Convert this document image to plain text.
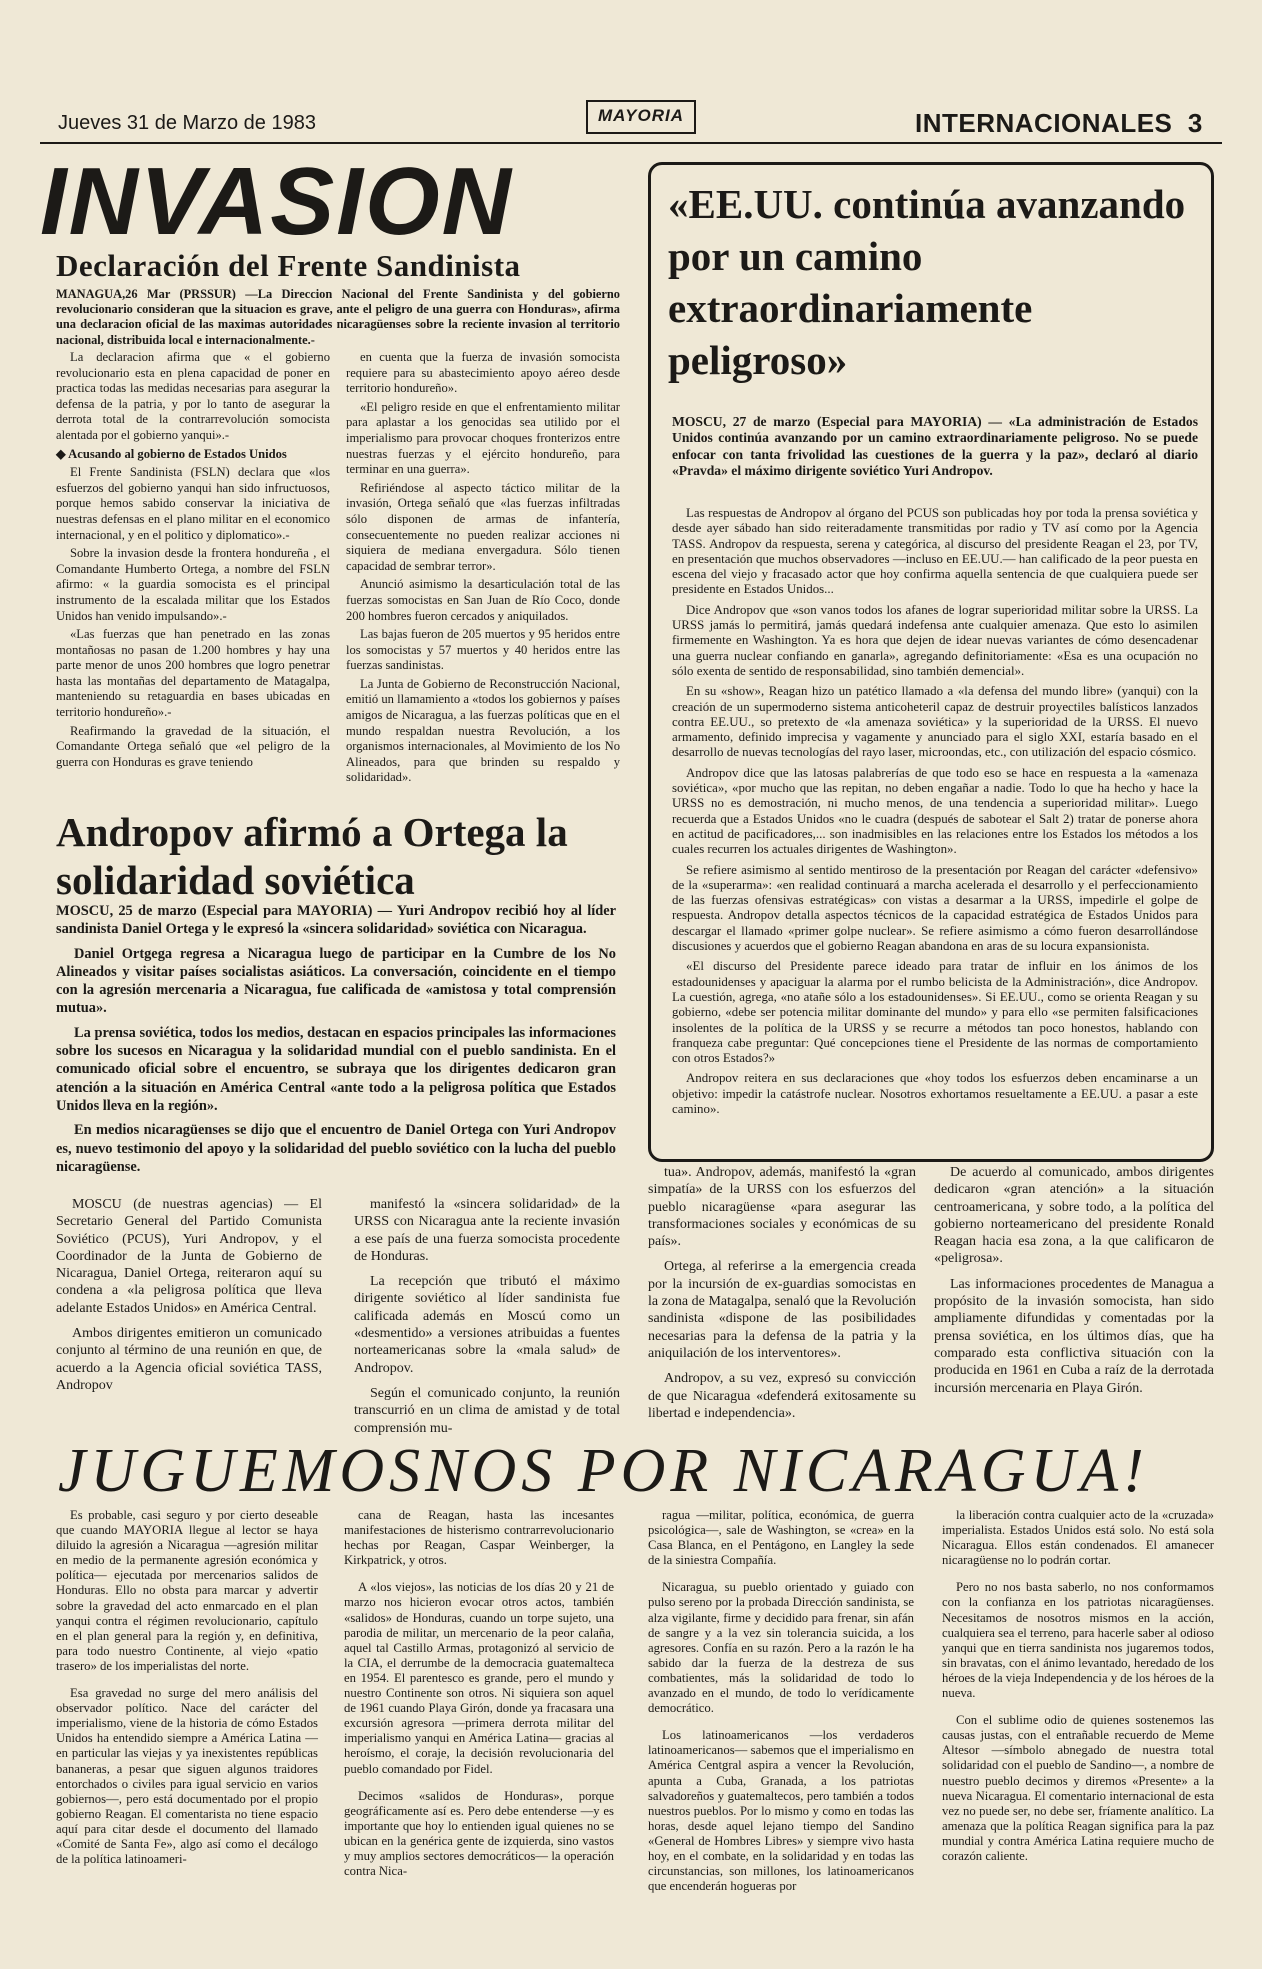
Jueves 31 de Marzo de 1983	MAYORIA	INTERNACIONALES 3
INVASION
Declaración del Frente Sandinista
MANAGUA,26 Mar (PRSSUR) —La Direccion Nacional del Frente Sandinista y del gobierno revolucionario consideran que la situacion es grave, ante el peligro de una guerra con Honduras», afirma una declaracion oficial de las maximas autoridades nicaragüenses sobre la reciente invasion al territorio nacional, distribuida local e internacionalmente.-

La declaracion afirma que « el gobierno revolucionario esta en plena capacidad de poner en practica todas las medidas necesarias para asegurar la defensa de la patria, y por lo tanto de asegurar la derrota total de la contrarrevolución somocista alentada por el gobierno yanqui».-

◆ Acusando al gobierno de Estados Unidos

El Frente Sandinista (FSLN) declara que «los esfuerzos del gobierno yanqui han sido infructuosos, porque hemos sabido conservar la iniciativa de nuestras defensas en el plano militar en el economico internacional, y en el politico y diplomatico».-

Sobre la invasion desde la frontera hondureña , el Comandante Humberto Ortega, a nombre del FSLN afirmo: « la guardia somocista es el principal instrumento de la escalada militar que los Estados Unidos han venido impulsando».-

«Las fuerzas que han penetrado en las zonas montañosas no pasan de 1.200 hombres y hay una parte menor de unos 200 hombres que logro penetrar hasta las montañas del departamento de Matagalpa, manteniendo su retaguardia en bases ubicadas en territorio hondureño».-

Reafirmando la gravedad de la situación, el Comandante Ortega señaló que «el peligro de la guerra con Honduras es grave teniendo

en cuenta que la fuerza de invasión somocista requiere para su abastecimiento apoyo aéreo desde territorio hondureño».

«El peligro reside en que el enfrentamiento militar para aplastar a los genocidas sea utilido por el imperialismo para provocar choques fronterizos entre nuestras fuerzas y el ejército hondureño, para terminar en una guerra».

Refiriéndose al aspecto táctico militar de la invasión, Ortega señaló que «las fuerzas infiltradas sólo disponen de armas de infantería, consecuentemente no pueden realizar acciones ni siquiera de mediana envergadura. Sólo tienen capacidad de sembrar terror».

Anunció asimismo la desarticulación total de las fuerzas somocistas en San Juan de Río Coco, donde 200 hombres fueron cercados y aniquilados.

Las bajas fueron de 205 muertos y 95 heridos entre los somocistas y 57 muertos y 40 heridos entre las fuerzas sandinistas.

La Junta de Gobierno de Reconstrucción Nacional, emitió un llamamiento a «todos los gobiernos y países amigos de Nicaragua, a las fuerzas políticas que en el mundo respaldan nuestra Revolución, a los organismos internacionales, al Movimiento de los No Alineados, para que brinden su respaldo y solidaridad».

«EE.UU. continúa avanzando por un camino extraordinariamente peligroso»
MOSCU, 27 de marzo (Especial para MAYORIA) — «La administración de Estados Unidos continúa avanzando por un camino extraordinariamente peligroso. No se puede enfocar con tanta frivolidad las cuestiones de la guerra y la paz», declaró al diario «Pravda» el máximo dirigente soviético Yuri Andropov.

Las respuestas de Andropov al órgano del PCUS son publicadas hoy por toda la prensa soviética y desde ayer sábado han sido reiteradamente transmitidas por radio y TV así como por la Agencia TASS. Andropov da respuesta, serena y categórica, al discurso del presidente Reagan el 23, por TV, en presentación que muchos observadores —incluso en EE.UU.— han calificado de la peor puesta en escena del viejo y fracasado actor que hoy confirma aquella sentencia de que cualquiera puede ser presidente en Estados Unidos...

Dice Andropov que «son vanos todos los afanes de lograr superioridad militar sobre la URSS. La URSS jamás lo permitirá, jamás quedará indefensa ante cualquier amenaza. Que esto lo asimilen firmemente en Washington. Ya es hora que dejen de idear nuevas variantes de cómo desencadenar una guerra nuclear confiando en ganarla», agregando definitoriamente: «Esa es una ocupación no sólo exenta de sentido de responsabilidad, sino también demencial».

En su «show», Reagan hizo un patético llamado a «la defensa del mundo libre» (yanqui) con la creación de un supermoderno sistema anticoheteril capaz de destruir proyectiles balísticos lanzados contra EE.UU., so pretexto de «la amenaza soviética» y la superioridad de la URSS. El nuevo armamento, definido imprecisa y vagamente y anunciado para el siglo XXI, estaría basado en el desarrollo de nuevas tecnologías del rayo laser, microondas, etc., con utilización del espacio cósmico.

Andropov dice que las latosas palabrerías de que todo eso se hace en respuesta a la «amenaza soviética», «por mucho que las repitan, no deben engañar a nadie. Todo lo que ha hecho y hace la URSS no es demostración, ni mucho menos, de una tendencia a superioridad militar». Luego recuerda que a Estados Unidos «no le cuadra (después de sabotear el Salt 2) tratar de ponerse ahora en actitud de pacificadores,... son inadmisibles en las relaciones entre los Estados los métodos a los cuales recurren los actuales dirigentes de Washington».

Se refiere asimismo al sentido mentiroso de la presentación por Reagan del carácter «defensivo» de la «superarma»: «en realidad continuará a marcha acelerada el desarrollo y el perfeccionamiento de las fuerzas ofensivas estratégicas» con vistas a desarmar a la URSS, impedirle el golpe de respuesta. Andropov detalla aspectos técnicos de la capacidad estratégica de Estados Unidos para descargar el llamado «primer golpe nuclear». Se refiere asimismo a cómo fueron desarrollándose discusiones y acuerdos que el gobierno Reagan abandona en aras de su locura expansionista.

«El discurso del Presidente parece ideado para tratar de influir en los ánimos de los estadounidenses y apaciguar la alarma por el rumbo belicista de la Administración», dice Andropov. La cuestión, agrega, «no atañe sólo a los estadounidenses». Si EE.UU., como se orienta Reagan y su gobierno, «debe ser potencia militar dominante del mundo» y para ello «se permiten falsificaciones insolentes de la política de la URSS y se recurre a métodos tan poco honestos, hablando con franqueza cabe preguntar: Qué concepciones tiene el Presidente de las normas de comportamiento con otros Estados?»

Andropov reitera en sus declaraciones que «hoy todos los esfuerzos deben encaminarse a un objetivo: impedir la catástrofe nuclear. Nosotros exhortamos resueltamente a EE.UU. a pasar a este camino».

Andropov afirmó a Ortega la solidaridad soviética

MOSCU, 25 de marzo (Especial para MAYORIA) — Yuri Andropov recibió hoy al líder sandinista Daniel Ortega y le expresó la «sincera solidaridad» soviética con Nicaragua.

Daniel Ortgega regresa a Nicaragua luego de participar en la Cumbre de los No Alineados y visitar países socialistas asiáticos. La conversación, coincidente en el tiempo con la agresión mercenaria a Nicaragua, fue calificada de «amistosa y total comprensión mutua».

La prensa soviética, todos los medios, destacan en espacios principales las informaciones sobre los sucesos en Nicaragua y la solidaridad mundial con el pueblo sandinista. En el comunicado oficial sobre el encuentro, se subraya que los dirigentes dedicaron gran atención a la situación en América Central «ante todo a la peligrosa política que Estados Unidos lleva en la región».

En medios nicaragüenses se dijo que el encuentro de Daniel Ortega con Yuri Andropov es, nuevo testimonio del apoyo y la solidaridad del pueblo soviético con la lucha del pueblo nicaragüense.

MOSCU (de nuestras agencias) — El Secretario General del Partido Comunista Soviético (PCUS), Yuri Andropov, y el Coordinador de la Junta de Gobierno de Nicaragua, Daniel Ortega, reiteraron aquí su condena a «la peligrosa política que lleva adelante Estados Unidos» en América Central.

Ambos dirigentes emitieron un comunicado conjunto al término de una reunión en que, de acuerdo a la Agencia oficial soviética TASS, Andropov

manifestó la «sincera solidaridad» de la URSS con Nicaragua ante la reciente invasión a ese país de una fuerza somocista procedente de Honduras.

La recepción que tributó el máximo dirigente soviético al líder sandinista fue calificada además en Moscú como un «desmentido» a versiones atribuidas a fuentes norteamericanas sobre la «mala salud» de Andropov.

Según el comunicado conjunto, la reunión transcurrió en un clima de amistad y de total comprensión mu-

tua». Andropov, además, manifestó la «gran simpatía» de la URSS con los esfuerzos del pueblo nicaragüense «para asegurar las transformaciones sociales y económicas de su país».

Ortega, al referirse a la emergencia creada por la incursión de ex-guardias somocistas en la zona de Matagalpa, senaló que la Revolución sandinista «dispone de las posibilidades necesarias para la defensa de la patria y la aniquilación de los interventores».

Andropov, a su vez, expresó su convicción de que Nicaragua «defenderá exitosamente su libertad e independencia».

De acuerdo al comunicado, ambos dirigentes dedicaron «gran atención» a la situación centroamericana, y sobre todo, a la política del gobierno norteamericano del presidente Ronald Reagan hacia esa zona, a la que calificaron de «peligrosa».

Las informaciones procedentes de Managua a propósito de la invasión somocista, han sido ampliamente difundidas y comentadas por la prensa soviética, en los últimos días, que ha comparado esta conflictiva situación con la producida en 1961 en Cuba a raíz de la derrotada incursión mercenaria en Playa Girón.

JUGUEMOSNOS POR NICARAGUA!

Es probable, casi seguro y por cierto deseable que cuando MAYORIA llegue al lector se haya diluido la agresión a Nicaragua —agresión militar en medio de la permanente agresión económica y política— ejecutada por mercenarios salidos de Honduras. Ello no obsta para marcar y advertir sobre la gravedad del acto enmarcado en el plan yanqui contra el régimen revolucionario, capítulo en el plan general para la región y, en definitiva, para todo nuestro Continente, al viejo «patio trasero» de los imperialistas del norte.

Esa gravedad no surge del mero análisis del observador político. Nace del carácter del imperialismo, viene de la historia de cómo Estados Unidos ha entendido siempre a América Latina —en particular las viejas y ya inexistentes repúblicas bananeras, a pesar que siguen algunos traidores entorchados o civiles para igual servicio en varios gobiernos—, pero está documentado por el propio gobierno Reagan. El comentarista no tiene espacio aquí para citar desde el documento del llamado «Comité de Santa Fe», algo así como el decálogo de la política latinoameri-

cana de Reagan, hasta las incesantes manifestaciones de histerismo contrarrevolucionario hechas por Reagan, Caspar Weinberger, la Kirkpatrick, y otros.

A «los viejos», las noticias de los días 20 y 21 de marzo nos hicieron evocar otros actos, también «salidos» de Honduras, cuando un torpe sujeto, una parodia de militar, un mercenario de la peor calaña, aquel tal Castillo Armas, protagonizó al servicio de la CIA, el derrumbe de la democracia guatemalteca en 1954. El parentesco es grande, pero el mundo y nuestro Continente son otros. Ni siquiera son aquel de 1961 cuando Playa Girón, donde ya fracasara una excursión agresora —primera derrota militar del imperialismo yanqui en América Latina— gracias al heroísmo, el coraje, la decisión revolucionaria del pueblo comandado por Fidel.

Decimos «salidos de Honduras», porque geográficamente así es. Pero debe entenderse —y es importante que hoy lo entienden igual quienes no se ubican en la genérica gente de izquierda, sino vastos y muy amplios sectores democráticos— la operación contra Nica-

ragua —militar, política, económica, de guerra psicológica—, sale de Washington, se «crea» en la Casa Blanca, en el Pentágono, en Langley la sede de la siniestra Compañía.

Nicaragua, su pueblo orientado y guiado con pulso sereno por la probada Dirección sandinista, se alza vigilante, firme y decidido para frenar, sin afán de sangre y a la vez sin tolerancia suicida, a los agresores. Confía en su razón. Pero a la razón le ha sabido dar la fuerza de la destreza de sus combatientes, más la solidaridad de todo lo avanzado en el mundo, de todo lo verídicamente democrático.

Los latinoamericanos —los verdaderos latinoamericanos— sabemos que el imperialismo en América Centgral aspira a vencer la Revolución, apunta a Cuba, Granada, a los patriotas salvadoreños y guatemaltecos, pero también a todos nuestros pueblos. Por lo mismo y como en todas las horas, desde aquel lejano tiempo del Sandino «General de Hombres Libres» y siempre vivo hasta hoy, en el combate, en la solidaridad y en todas las circunstancias, son millones, los latinoamericanos que encenderán hogueras por

la liberación contra cualquier acto de la «cruzada» imperialista. Estados Unidos está solo. No está sola Nicaragua. Ellos están condenados. El amanecer nicaragüense no lo podrán cortar.

Pero no nos basta saberlo, no nos conformamos con la confianza en los patriotas nicaragüenses. Necesitamos de nosotros mismos en la acción, cualquiera sea el terreno, para hacerle saber al odioso yanqui que en tierra sandinista nos jugaremos todos, sin bravatas, con el ánimo levantado, heredado de los héroes de la vieja Independencia y de los héroes de la nueva.

Con el sublime odio de quienes sostenemos las causas justas, con el entrañable recuerdo de Meme Altesor —símbolo abnegado de nuestra total solidaridad con el pueblo de Sandino—, a nombre de nuestro pueblo decimos y diremos «Presente» a la nueva Nicaragua. El comentario internacional de esta vez no puede ser, no debe ser, fríamente analítico. La amenaza que la política Reagan significa para la paz mundial y contra América Latina requiere mucho de corazón caliente.
